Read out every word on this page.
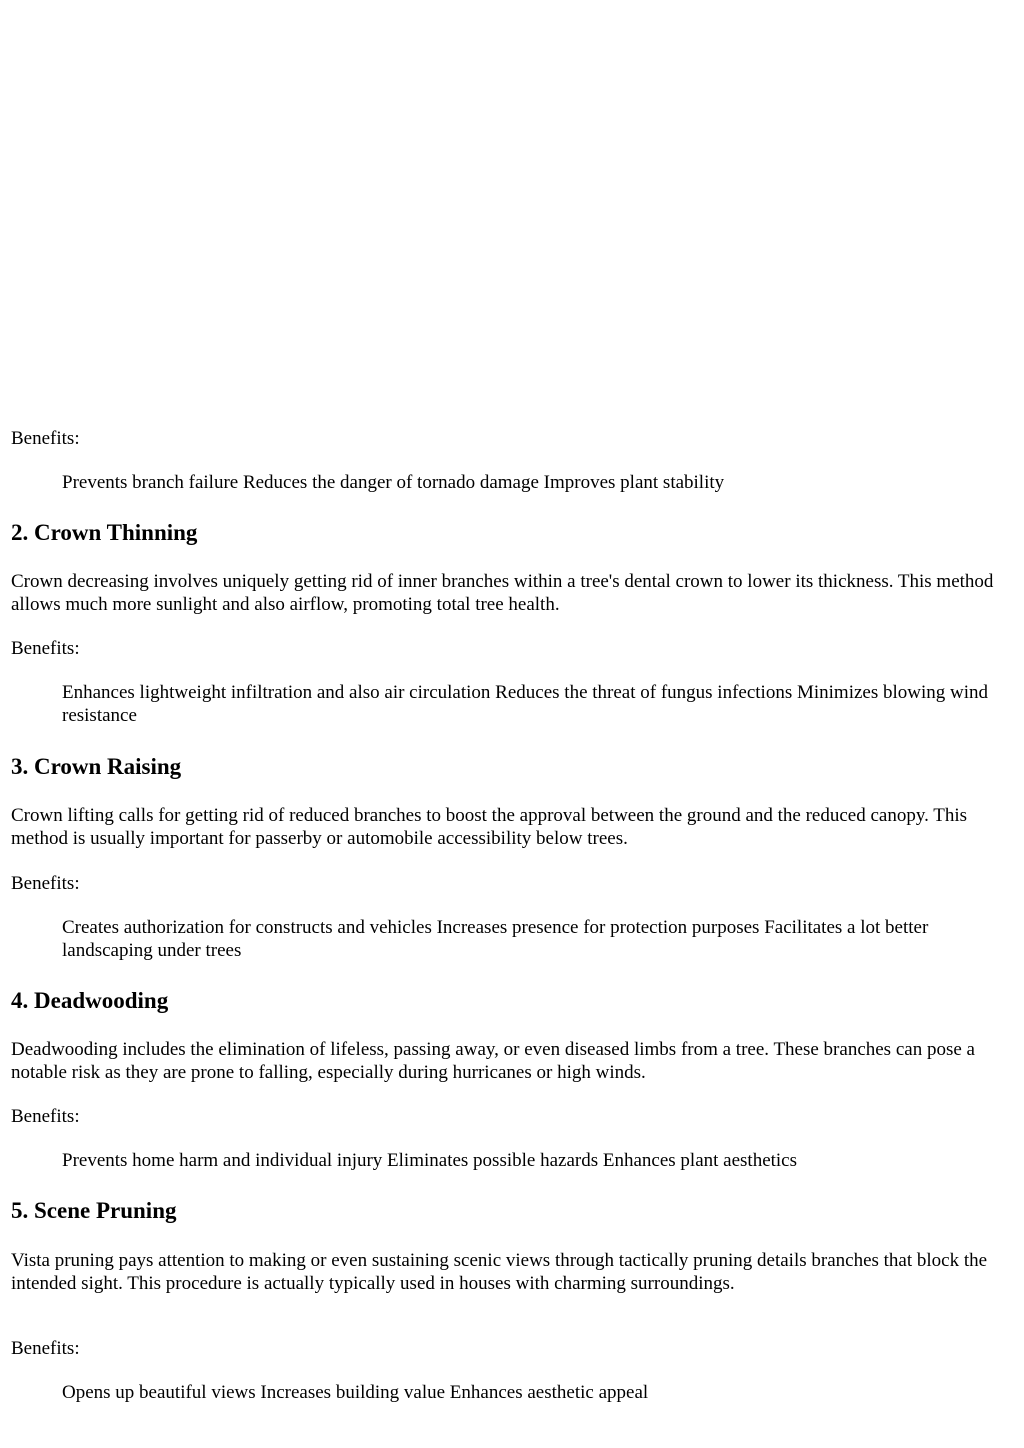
Benefits:

Prevents branch failure Reduces the danger of tornado damage Improves plant stability
2. Crown Thinning

Crown decreasing involves uniquely getting rid of inner branches within a tree's dental crown to lower its thickness. This method allows much more sunlight and also airflow, promoting total tree health.

Benefits:

Enhances lightweight infiltration and also air circulation Reduces the threat of fungus infections Minimizes blowing wind resistance
3. Crown Raising

Crown lifting calls for getting rid of reduced branches to boost the approval between the ground and the reduced canopy. This method is usually important for passerby or automobile accessibility below trees.

Benefits:

Creates authorization for constructs and vehicles Increases presence for protection purposes Facilitates a lot better landscaping under trees
4. Deadwooding

Deadwooding includes the elimination of lifeless, passing away, or even diseased limbs from a tree. These branches can pose a notable risk as they are prone to falling, especially during hurricanes or high winds.

Benefits:

Prevents home harm and individual injury Eliminates possible hazards Enhances plant aesthetics
5. Scene Pruning

Vista pruning pays attention to making or even sustaining scenic views through tactically pruning details branches that block the intended sight. This procedure is actually typically used in houses with charming surroundings.

Benefits:

Opens up beautiful views Increases building value Enhances aesthetic appeal
